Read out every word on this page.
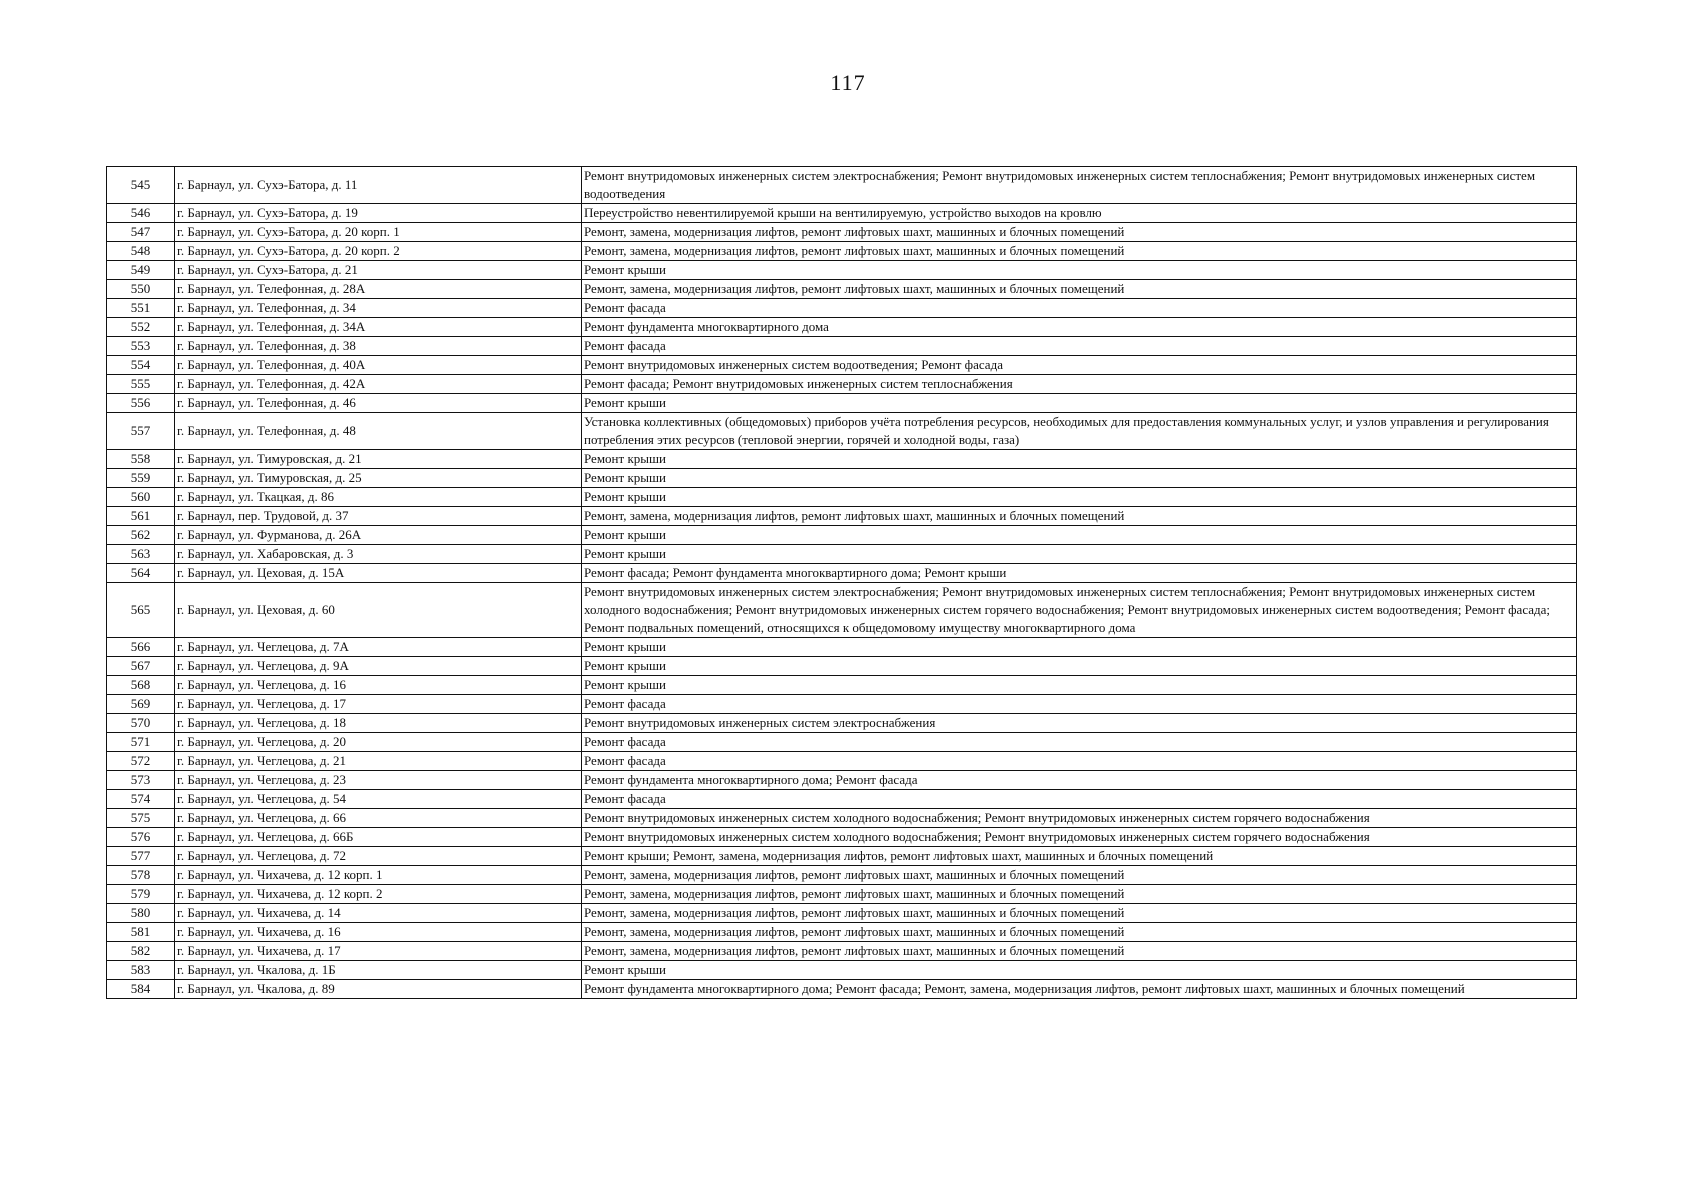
117
545	г. Барнаул, ул. Сухэ-Батора, д. 11	Ремонт внутридомовых инженерных систем электроснабжения; Ремонт внутридомовых инженерных систем теплоснабжения; Ремонт внутридомовых инженерных систем водоотведения
546	г. Барнаул, ул. Сухэ-Батора, д. 19	Переустройство невентилируемой крыши на вентилируемую, устройство выходов на кровлю
547	г. Барнаул, ул. Сухэ-Батора, д. 20 корп. 1	Ремонт, замена, модернизация лифтов, ремонт лифтовых шахт, машинных и блочных помещений
548	г. Барнаул, ул. Сухэ-Батора, д. 20 корп. 2	Ремонт, замена, модернизация лифтов, ремонт лифтовых шахт, машинных и блочных помещений
549	г. Барнаул, ул. Сухэ-Батора, д. 21	Ремонт крыши
550	г. Барнаул, ул. Телефонная, д. 28А	Ремонт, замена, модернизация лифтов, ремонт лифтовых шахт, машинных и блочных помещений
551	г. Барнаул, ул. Телефонная, д. 34	Ремонт фасада
552	г. Барнаул, ул. Телефонная, д. 34А	Ремонт фундамента многоквартирного дома
553	г. Барнаул, ул. Телефонная, д. 38	Ремонт фасада
554	г. Барнаул, ул. Телефонная, д. 40А	Ремонт внутридомовых инженерных систем водоотведения; Ремонт фасада
555	г. Барнаул, ул. Телефонная, д. 42А	Ремонт фасада; Ремонт внутридомовых инженерных систем теплоснабжения
556	г. Барнаул, ул. Телефонная, д. 46	Ремонт крыши
557	г. Барнаул, ул. Телефонная, д. 48	Установка коллективных (общедомовых) приборов учёта потребления ресурсов, необходимых для предоставления коммунальных услуг, и узлов управления и регулирования потребления этих ресурсов (тепловой энергии, горячей и холодной воды, газа)
558	г. Барнаул, ул. Тимуровская, д. 21	Ремонт крыши
559	г. Барнаул, ул. Тимуровская, д. 25	Ремонт крыши
560	г. Барнаул, ул. Ткацкая, д. 86	Ремонт крыши
561	г. Барнаул, пер. Трудовой, д. 37	Ремонт, замена, модернизация лифтов, ремонт лифтовых шахт, машинных и блочных помещений
562	г. Барнаул, ул. Фурманова, д. 26А	Ремонт крыши
563	г. Барнаул, ул. Хабаровская, д. 3	Ремонт крыши
564	г. Барнаул, ул. Цеховая, д. 15А	Ремонт фасада; Ремонт фундамента многоквартирного дома; Ремонт крыши
565	г. Барнаул, ул. Цеховая, д. 60	Ремонт внутридомовых инженерных систем электроснабжения; Ремонт внутридомовых инженерных систем теплоснабжения; Ремонт внутридомовых инженерных систем холодного водоснабжения; Ремонт внутридомовых инженерных систем горячего водоснабжения; Ремонт внутридомовых инженерных систем водоотведения; Ремонт фасада; Ремонт подвальных помещений, относящихся к общедомовому имуществу многоквартирного дома
566	г. Барнаул, ул. Чеглецова, д. 7А	Ремонт крыши
567	г. Барнаул, ул. Чеглецова, д. 9А	Ремонт крыши
568	г. Барнаул, ул. Чеглецова, д. 16	Ремонт крыши
569	г. Барнаул, ул. Чеглецова, д. 17	Ремонт фасада
570	г. Барнаул, ул. Чеглецова, д. 18	Ремонт внутридомовых инженерных систем электроснабжения
571	г. Барнаул, ул. Чеглецова, д. 20	Ремонт фасада
572	г. Барнаул, ул. Чеглецова, д. 21	Ремонт фасада
573	г. Барнаул, ул. Чеглецова, д. 23	Ремонт фундамента многоквартирного дома; Ремонт фасада
574	г. Барнаул, ул. Чеглецова, д. 54	Ремонт фасада
575	г. Барнаул, ул. Чеглецова, д. 66	Ремонт внутридомовых инженерных систем холодного водоснабжения; Ремонт внутридомовых инженерных систем горячего водоснабжения
576	г. Барнаул, ул. Чеглецова, д. 66Б	Ремонт внутридомовых инженерных систем холодного водоснабжения; Ремонт внутридомовых инженерных систем горячего водоснабжения
577	г. Барнаул, ул. Чеглецова, д. 72	Ремонт крыши; Ремонт, замена, модернизация лифтов, ремонт лифтовых шахт, машинных и блочных помещений
578	г. Барнаул, ул. Чихачева, д. 12 корп. 1	Ремонт, замена, модернизация лифтов, ремонт лифтовых шахт, машинных и блочных помещений
579	г. Барнаул, ул. Чихачева, д. 12 корп. 2	Ремонт, замена, модернизация лифтов, ремонт лифтовых шахт, машинных и блочных помещений
580	г. Барнаул, ул. Чихачева, д. 14	Ремонт, замена, модернизация лифтов, ремонт лифтовых шахт, машинных и блочных помещений
581	г. Барнаул, ул. Чихачева, д. 16	Ремонт, замена, модернизация лифтов, ремонт лифтовых шахт, машинных и блочных помещений
582	г. Барнаул, ул. Чихачева, д. 17	Ремонт, замена, модернизация лифтов, ремонт лифтовых шахт, машинных и блочных помещений
583	г. Барнаул, ул. Чкалова, д. 1Б	Ремонт крыши
584	г. Барнаул, ул. Чкалова, д. 89	Ремонт фундамента многоквартирного дома; Ремонт фасада; Ремонт, замена, модернизация лифтов, ремонт лифтовых шахт, машинных и блочных помещений
